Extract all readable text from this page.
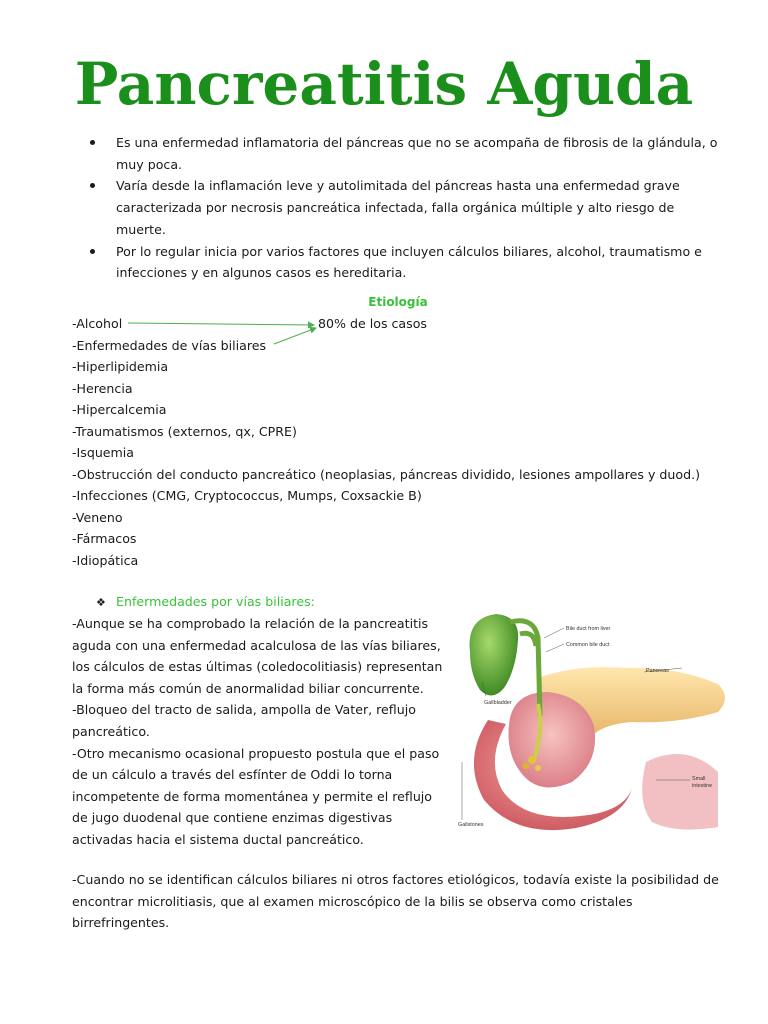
Pancreatitis Aguda
Es una enfermedad inflamatoria del páncreas que no se acompaña de fibrosis de la glándula, o muy poca.
Varía desde la inflamación leve y autolimitada del páncreas hasta una enfermedad grave caracterizada por necrosis pancreática infectada, falla orgánica múltiple y alto riesgo de muerte.
Por lo regular inicia por varios factores que incluyen cálculos biliares, alcohol, traumatismo e infecciones y en algunos casos es hereditaria.
Etiología
-Alcohol
-Enfermedades de vías biliares
-Hiperlipidemia
-Herencia
-Hipercalcemia
-Traumatismos (externos, qx, CPRE)
-Isquemia
-Obstrucción del conducto pancreático (neoplasias, páncreas dividido, lesiones ampollares y duod.)
-Infecciones (CMG, Cryptococcus, Mumps, Coxsackie B)
-Veneno
-Fármacos
-Idiopática
80% de los casos
❖ Enfermedades por vías biliares:

-Aunque se ha comprobado la relación de la pancreatitis aguda con una enfermedad acalculosa de las vías biliares, los cálculos de estas últimas (coledocolitiasis) representan la forma más común de anormalidad biliar concurrente.

-Bloqueo del tracto de salida, ampolla de Vater, reflujo pancreático.

-Otro mecanismo ocasional propuesto postula que el paso de un cálculo a través del esfínter de Oddi lo torna incompetente de forma momentánea y permite el reflujo de jugo duodenal que contiene enzimas digestivas activadas hacia el sistema ductal pancreático.

-Cuando no se identifican cálculos biliares ni otros factores etiológicos, todavía existe la posibilidad de encontrar microlitiasis, que al examen microscópico de la bilis se observa como cristales birrefringentes.

Bile duct from liver
Common bile duct
Pancreas
Gallbladder
Small
intestine
Gallstones
